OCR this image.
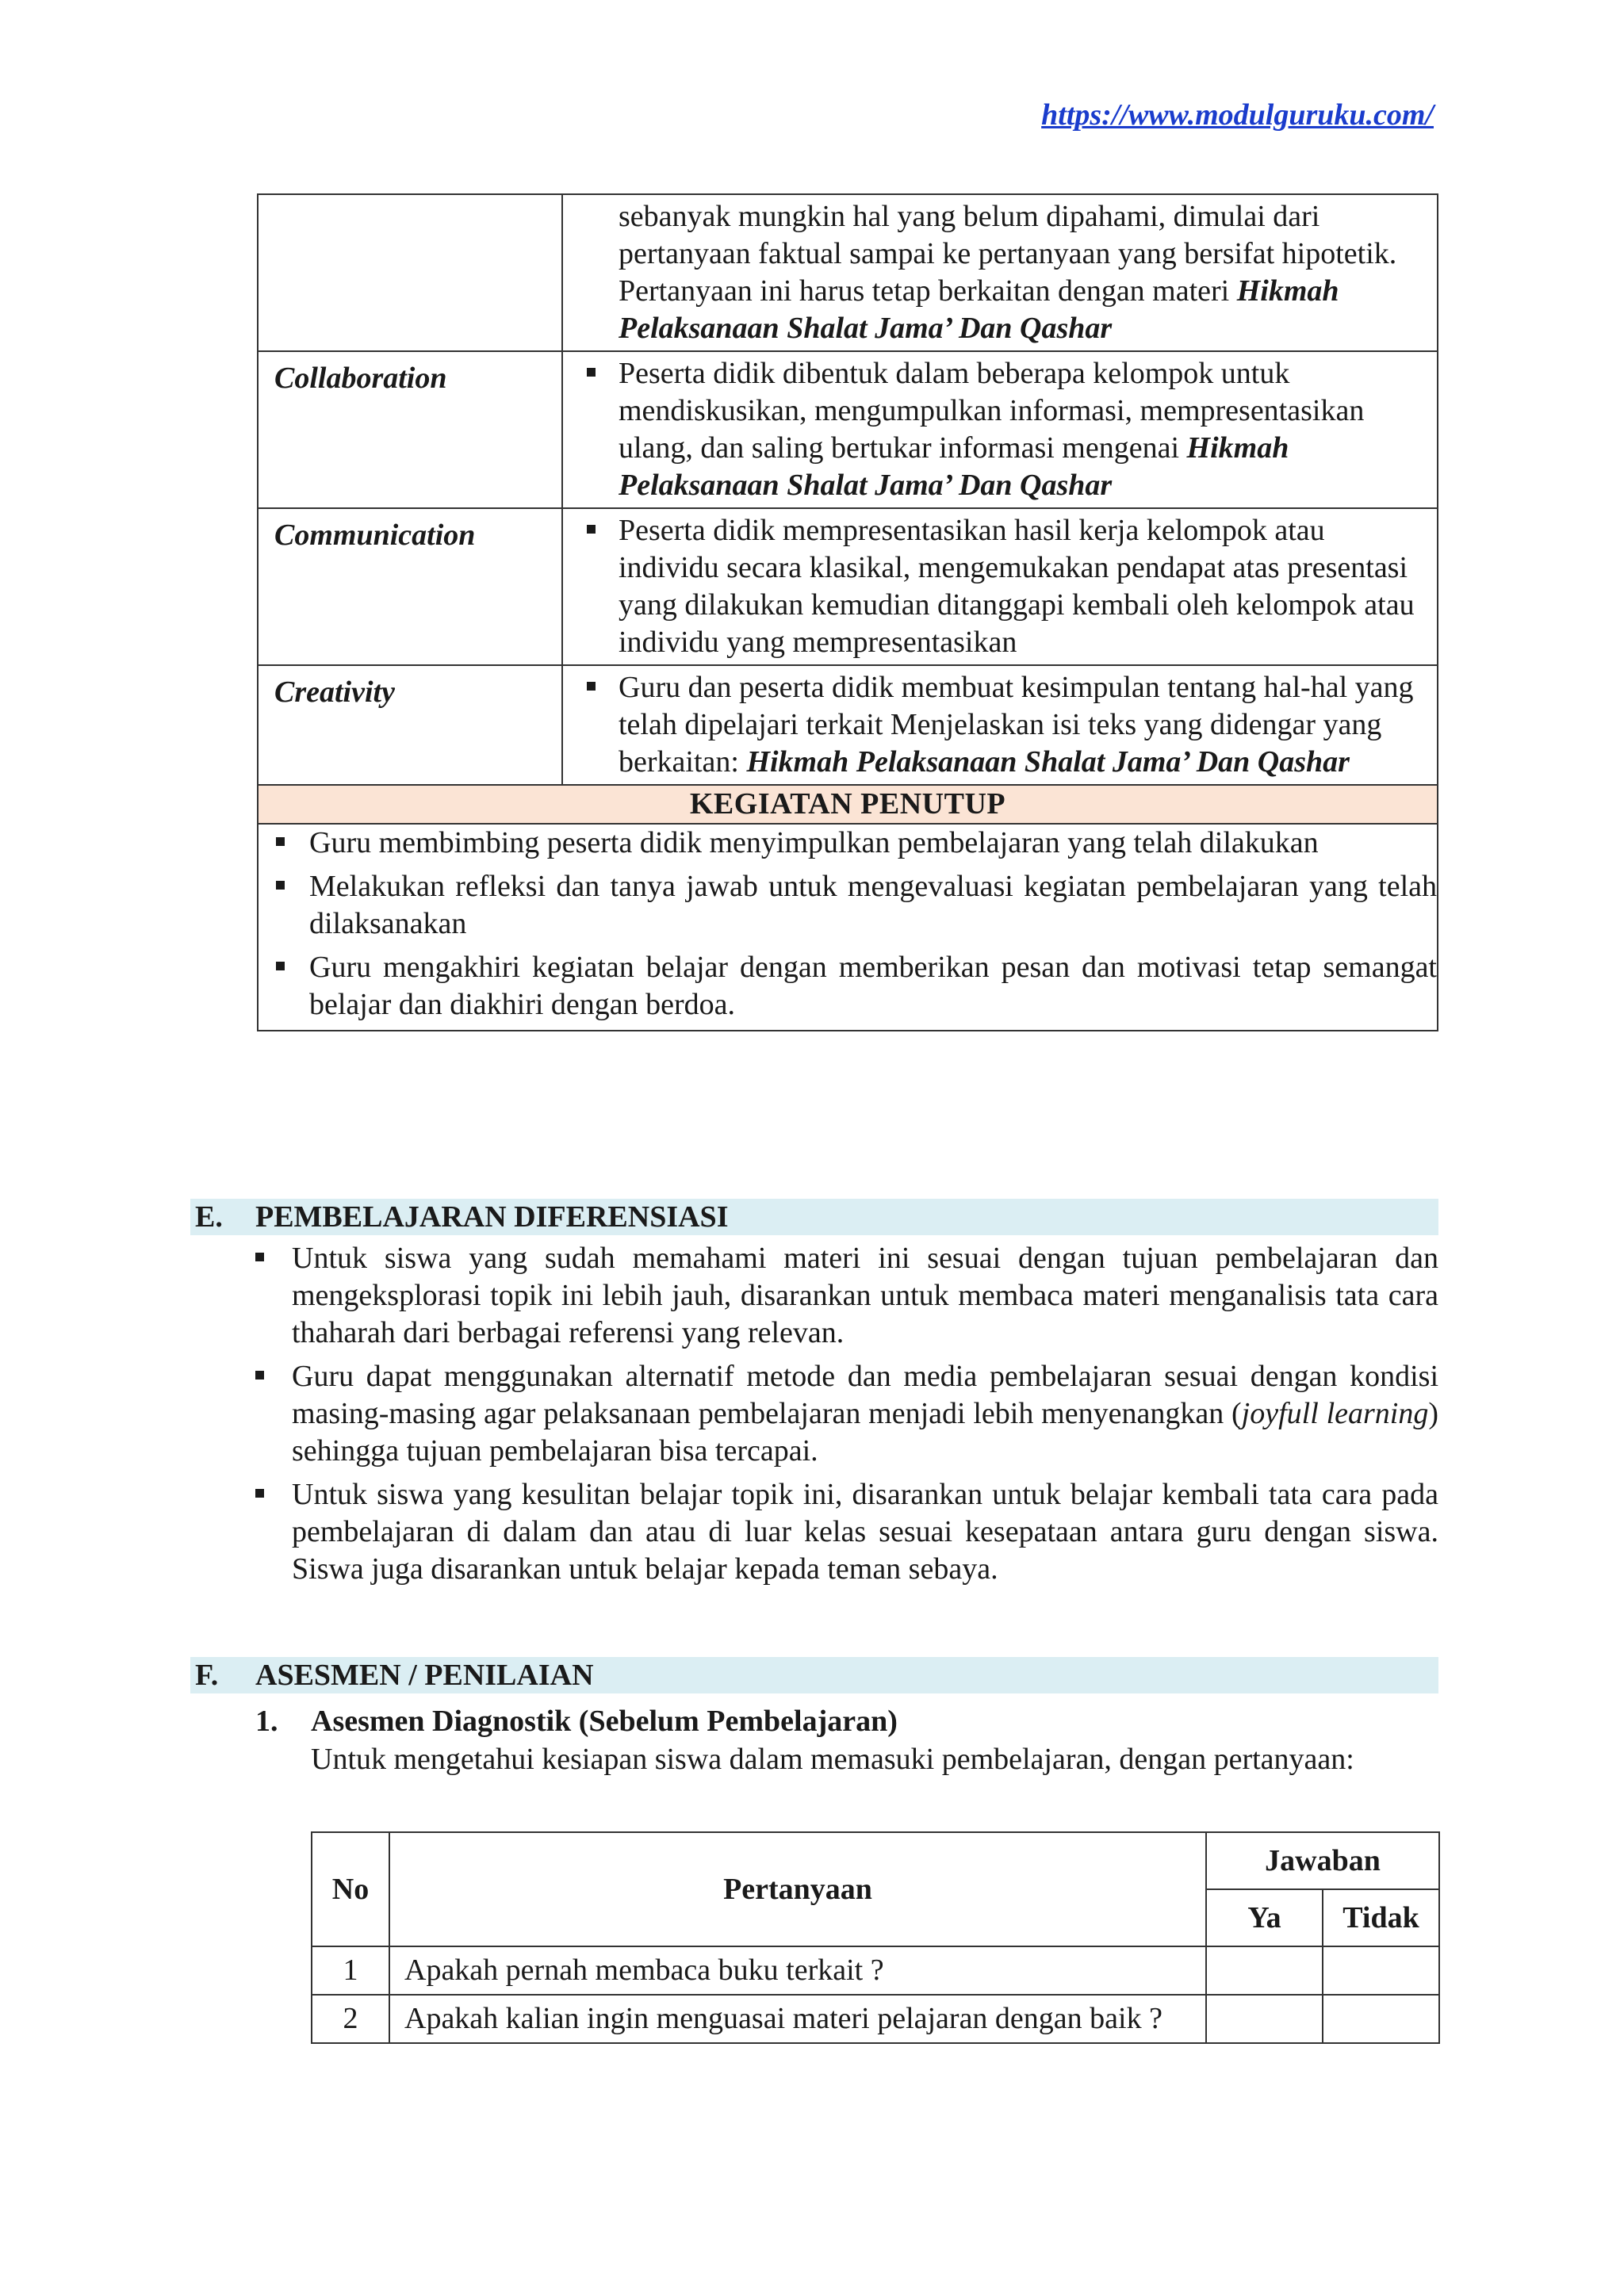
https://www.modulguruku.com/

	sebanyak mungkin hal yang belum dipahami, dimulai dari pertanyaan faktual sampai ke pertanyaan yang bersifat hipotetik. Pertanyaan ini harus tetap berkaitan dengan materi Hikmah Pelaksanaan Shalat Jama’ Dan Qashar

Collaboration	Peserta didik dibentuk dalam beberapa kelompok untuk mendiskusikan, mengumpulkan informasi, mempresentasikan ulang, dan saling bertukar informasi mengenai Hikmah Pelaksanaan Shalat Jama’ Dan Qashar

Communication	Peserta didik mempresentasikan hasil kerja kelompok atau individu secara klasikal, mengemukakan pendapat atas presentasi yang dilakukan kemudian ditanggapi kembali oleh kelompok atau individu yang mempresentasikan

Creativity	Guru dan peserta didik membuat kesimpulan tentang hal-hal yang telah dipelajari terkait Menjelaskan isi teks yang didengar yang berkaitan: Hikmah Pelaksanaan Shalat Jama’ Dan Qashar

KEGIATAN PENUTUP	

Guru membimbing peserta didik menyimpulkan pembelajaran yang telah dilakukan
Melakukan refleksi dan tanya jawab untuk mengevaluasi kegiatan pembelajaran yang telah dilaksanakan
Guru mengakhiri kegiatan belajar dengan memberikan pesan dan motivasi tetap semangat belajar dan diakhiri dengan berdoa.	
E. PEMBELAJARAN DIFERENSIASI
Untuk siswa yang sudah memahami materi ini sesuai dengan tujuan pembelajaran dan mengeksplorasi topik ini lebih jauh, disarankan untuk membaca materi menganalisis tata cara thaharah dari berbagai referensi yang relevan.
Guru dapat menggunakan alternatif metode dan media pembelajaran sesuai dengan kondisi masing-masing agar pelaksanaan pembelajaran menjadi lebih menyenangkan (joyfull learning) sehingga tujuan pembelajaran bisa tercapai.
Untuk siswa yang kesulitan belajar topik ini, disarankan untuk belajar kembali tata cara pada pembelajaran di dalam dan atau di luar kelas sesuai kesepataan antara guru dengan siswa. Siswa juga disarankan untuk belajar kepada teman sebaya.
F. ASESMEN / PENILAIAN
1. Asesmen Diagnostik (Sebelum Pembelajaran)
Untuk mengetahui kesiapan siswa dalam memasuki pembelajaran, dengan pertanyaan:
No	Pertanyaan	Jawaban	
		Ya	Tidak
1	Apakah pernah membaca buku terkait ?		
2	Apakah kalian ingin menguasai materi pelajaran dengan baik ?		
